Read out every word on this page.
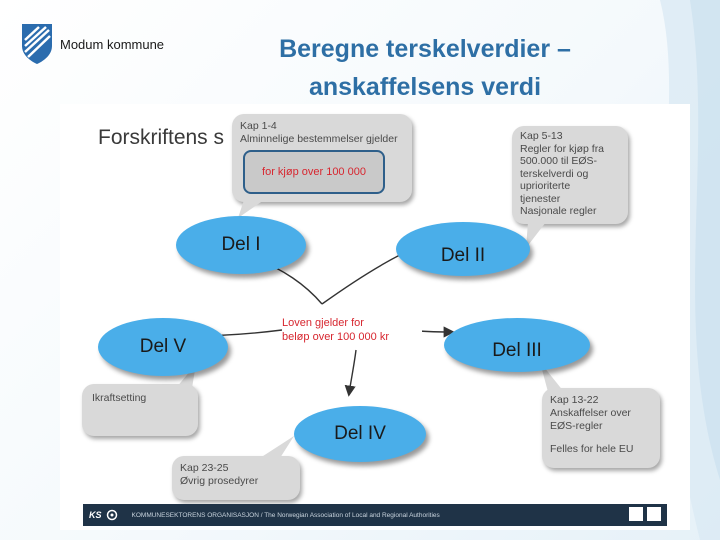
Modum kommune	Beregne terskelverdier –
anskaffelsens verdi
Forskriftens s Kap 1-4
Alminnelige bestemmelser gjelder
for kjøp over 100 000
Kap 5-13
Regler for kjøp fra
500.000 til EØS-
terskelverdi og
uprioriterte
tjenester
Nasjonale regler
Ikraftsetting	Kap 13-22
Anskaffelser over
EØS-regler
Felles for hele EU
Kap 23-25
Øvrig prosedyrer
Del I
Del II
Del V	Del III
Del IV
Loven gjelder for
beløp over 100 000 kr
KS	KOMMUNESEKTORENS ORGANISASJON / The Norwegian Association of Local and Regional Authorities
